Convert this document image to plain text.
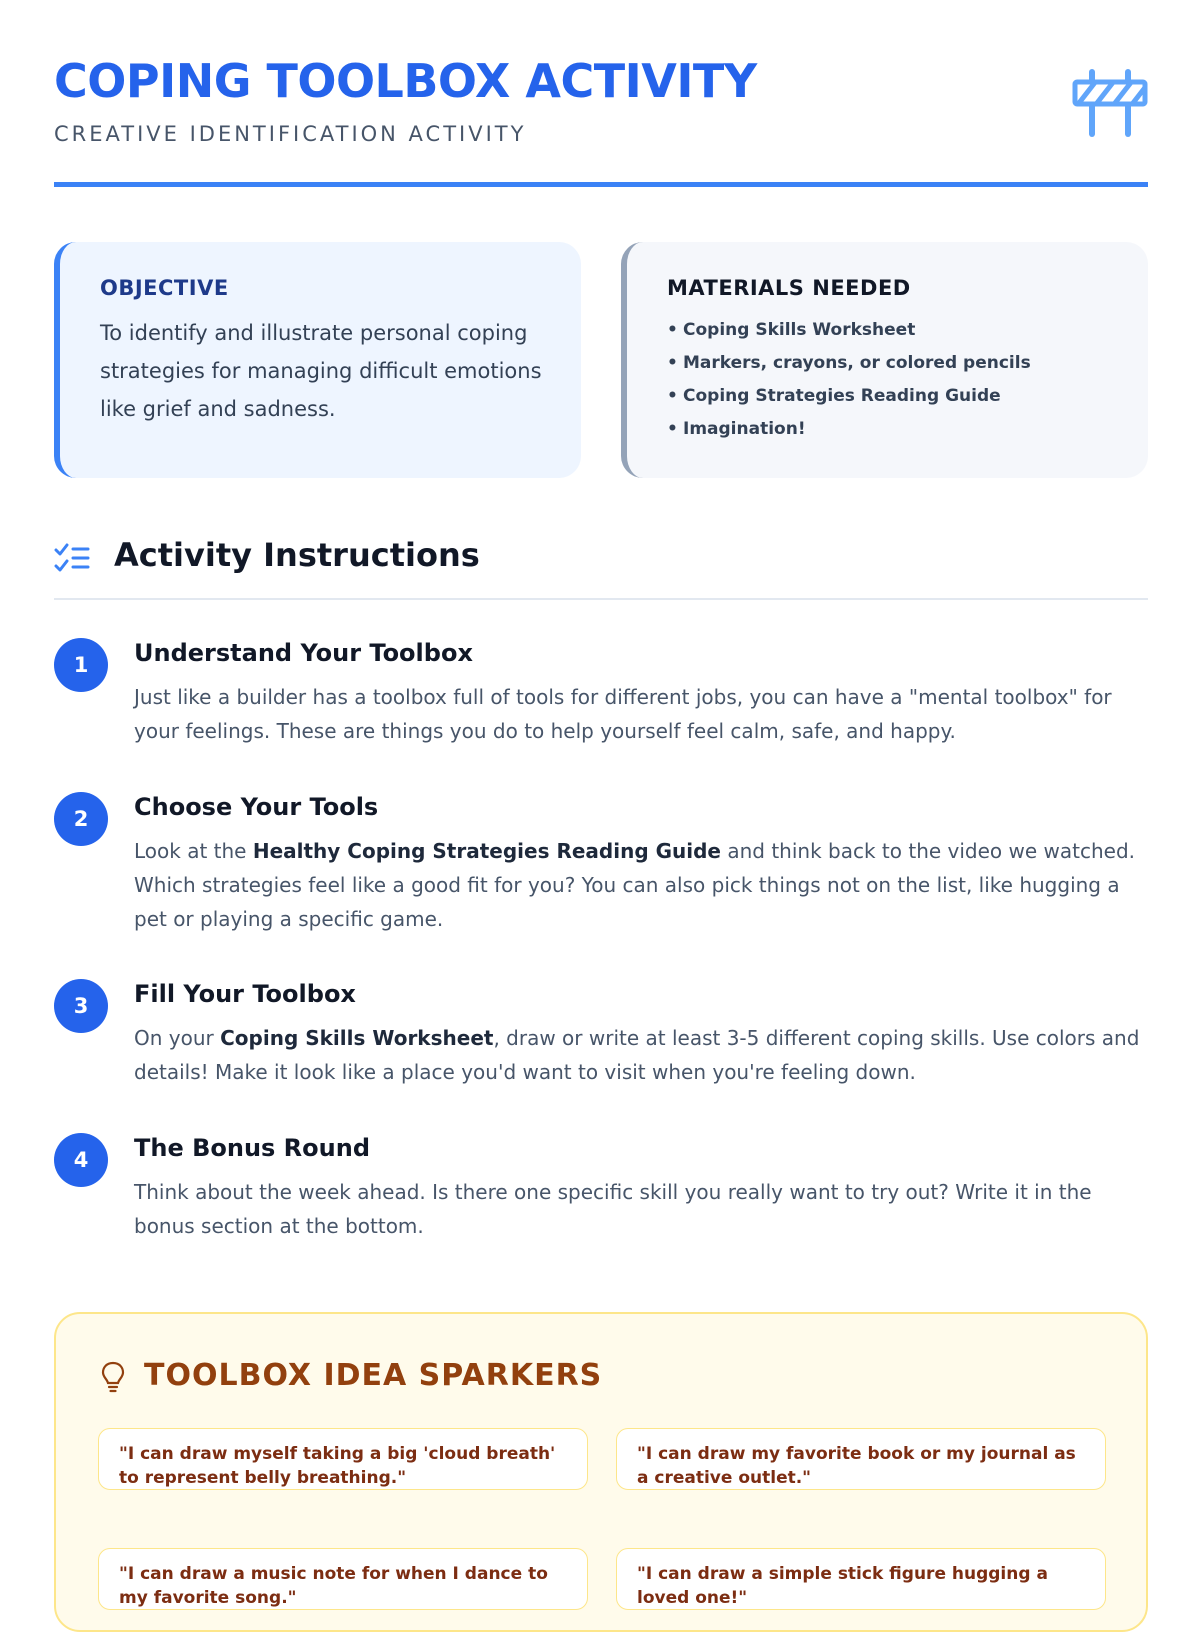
COPING TOOLBOX ACTIVITY
CREATIVE IDENTIFICATION ACTIVITY
OBJECTIVE

To identify and illustrate personal coping strategies for managing difficult emotions like grief and sadness.

MATERIALS NEEDED
• Coping Skills Worksheet
• Markers, crayons, or colored pencils
• Coping Strategies Reading Guide
• Imagination!
Activity Instructions
1	Understand Your Toolbox

Just like a builder has a toolbox full of tools for different jobs, you can have a "mental toolbox" for your feelings. These are things you do to help yourself feel calm, safe, and happy.

2	Choose Your Tools

Look at the Healthy Coping Strategies Reading Guide and think back to the video we watched. Which strategies feel like a good fit for you? You can also pick things not on the list, like hugging a pet or playing a specific game.

3	Fill Your Toolbox

On your Coping Skills Worksheet, draw or write at least 3-5 different coping skills. Use colors and details! Make it look like a place you'd want to visit when you're feeling down.

4	The Bonus Round

Think about the week ahead. Is there one specific skill you really want to try out? Write it in the bonus section at the bottom.

TOOLBOX IDEA SPARKERS
"I can draw myself taking a big 'cloud breath' to represent belly breathing."
"I can draw my favorite book or my journal as a creative outlet."
"I can draw a music note for when I dance to my favorite song."
"I can draw a simple stick figure hugging a loved one!"
